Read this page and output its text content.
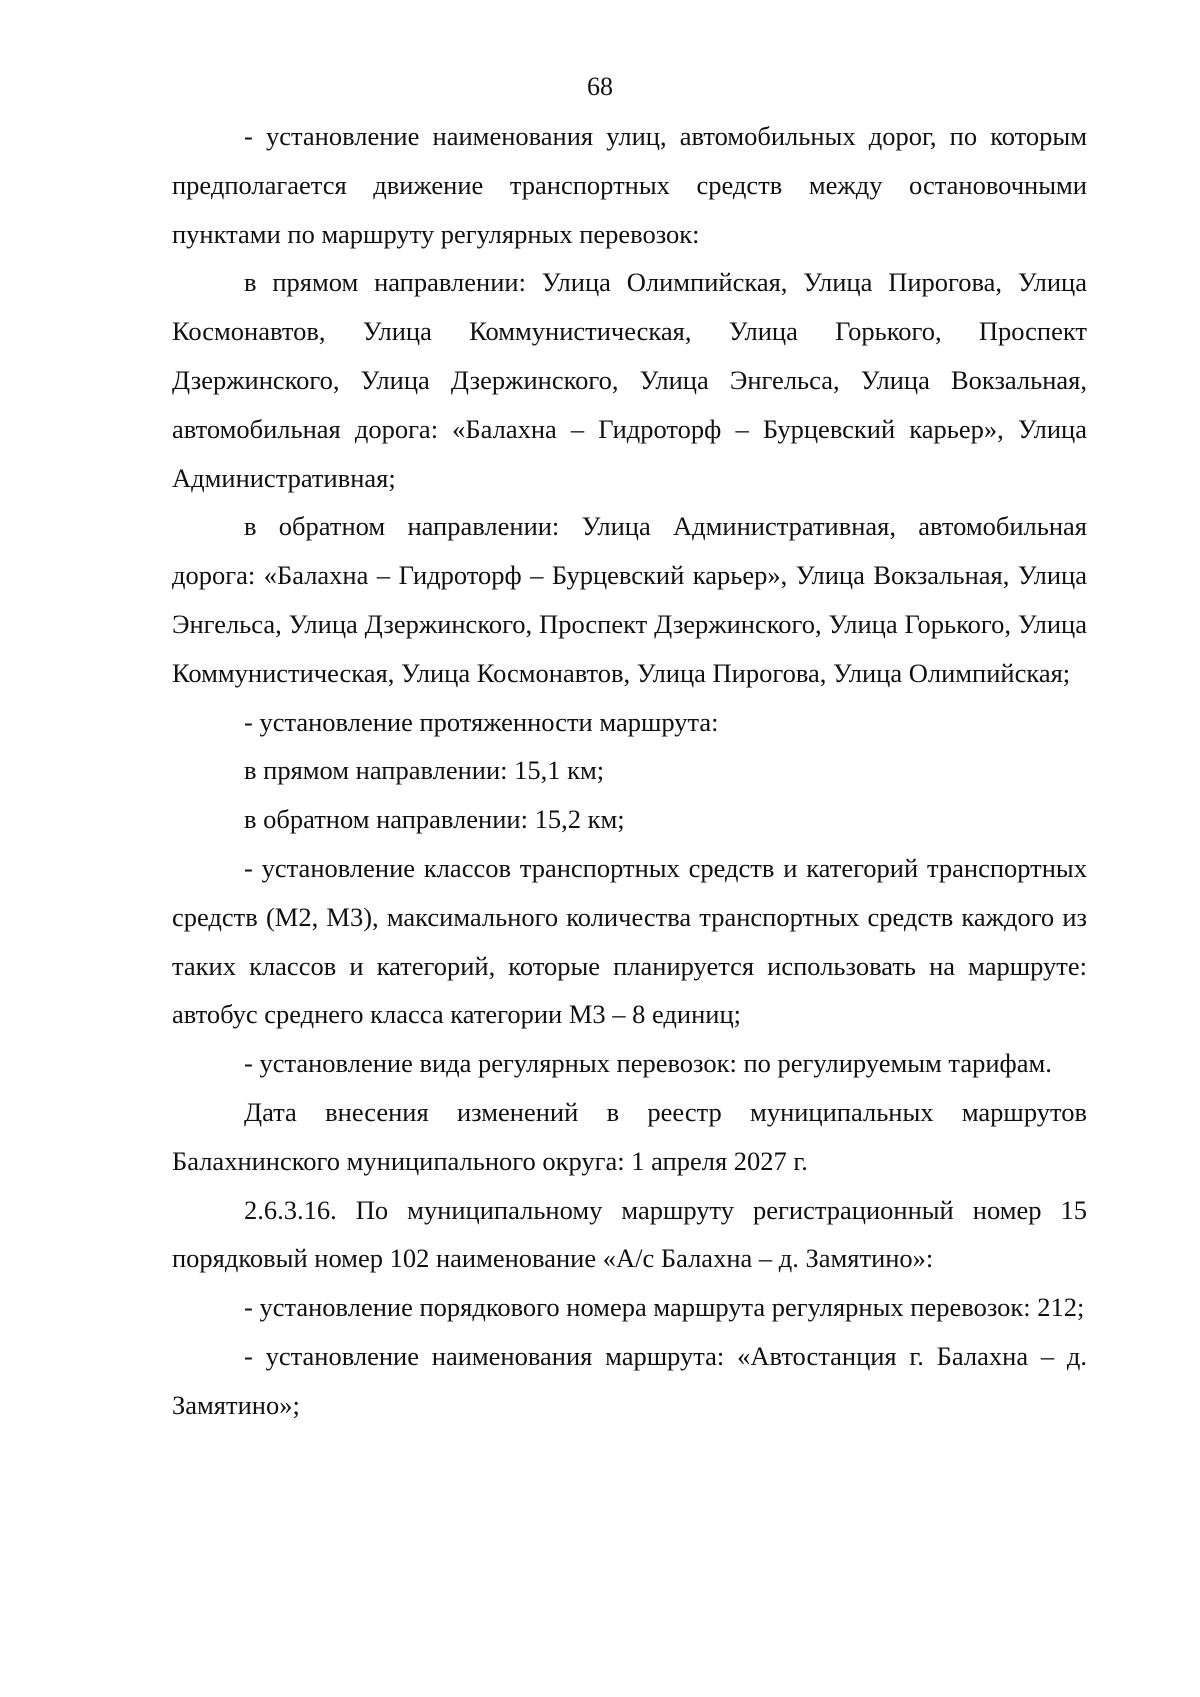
68

- установление наименования улиц, автомобильных дорог, по которым предполагается движение транспортных средств между остановочными пунктами по маршруту регулярных перевозок:

в прямом направлении: Улица Олимпийская, Улица Пирогова, Улица Космонавтов, Улица Коммунистическая, Улица Горького, Проспект Дзержинского, Улица Дзержинского, Улица Энгельса, Улица Вокзальная, автомобильная дорога: «Балахна – Гидроторф – Бурцевский карьер», Улица Административная;

в обратном направлении: Улица Административная, автомобильная дорога: «Балахна – Гидроторф – Бурцевский карьер», Улица Вокзальная, Улица Энгельса, Улица Дзержинского, Проспект Дзержинского, Улица Горького, Улица Коммунистическая, Улица Космонавтов, Улица Пирогова, Улица Олимпийская;

- установление протяженности маршрута:

в прямом направлении: 15,1 км;

в обратном направлении: 15,2 км;

- установление классов транспортных средств и категорий транспортных средств (М2, М3), максимального количества транспортных средств каждого из таких классов и категорий, которые планируется использовать на маршруте: автобус среднего класса категории М3 – 8 единиц;

- установление вида регулярных перевозок: по регулируемым тарифам.

Дата внесения изменений в реестр муниципальных маршрутов Балахнинского муниципального округа: 1 апреля 2027 г.

2.6.3.16. По муниципальному маршруту регистрационный номер 15 порядковый номер 102 наименование «А/с Балахна – д. Замятино»:

- установление порядкового номера маршрута регулярных перевозок: 212;

- установление наименования маршрута: «Автостанция г. Балахна – д. Замятино»;
